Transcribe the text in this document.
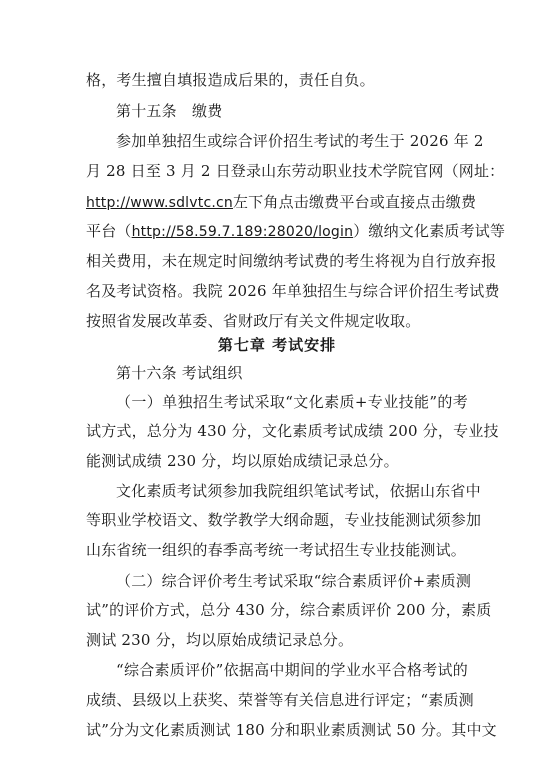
格，考生擅自填报造成后果的，责任自负。
第十五条　缴费
参加单独招生或综合评价招生考试的考生于 2026 年 2
月 28 日至 3 月 2 日登录山东劳动职业技术学院官网（网址：
http://www.sdlvtc.cn左下角点击缴费平台或直接点击缴费
平台（http://58.59.7.189:28020/login）缴纳文化素质考试等
相关费用，未在规定时间缴纳考试费的考生将视为自行放弃报
名及考试资格。我院 2026 年单独招生与综合评价招生考试费
按照省发展改革委、省财政厅有关文件规定收取。
第七章 考试安排
第十六条 考试组织
（一）单独招生考试采取“文化素质+专业技能”的考
试方式，总分为 430 分，文化素质考试成绩 200 分，专业技
能测试成绩 230 分，均以原始成绩记录总分。
文化素质考试须参加我院组织笔试考试，依据山东省中
等职业学校语文、数学教学大纲命题，专业技能测试须参加
山东省统一组织的春季高考统一考试招生专业技能测试。
（二）综合评价考生考试采取“综合素质评价+素质测
试”的评价方式，总分 430 分，综合素质评价 200 分，素质
测试 230 分，均以原始成绩记录总分。
“综合素质评价”依据高中期间的学业水平合格考试的
成绩、县级以上获奖、荣誉等有关信息进行评定；“素质测
试”分为文化素质测试 180 分和职业素质测试 50 分。其中文
